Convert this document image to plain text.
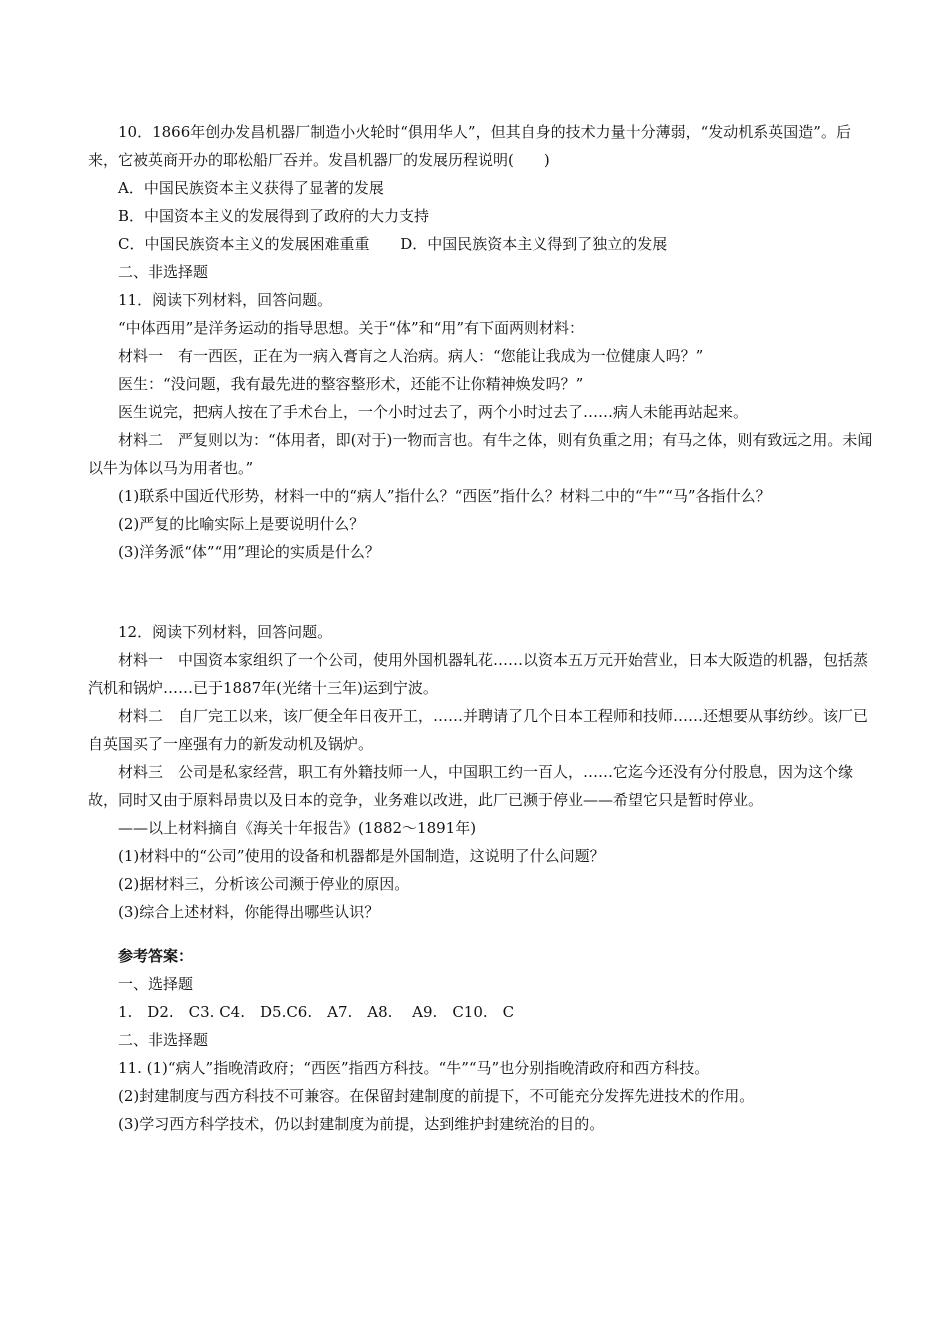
10．1866年创办发昌机器厂制造小火轮时“俱用华人”，但其自身的技术力量十分薄弱，“发动机系英国造”。后来，它被英商开办的耶松船厂吞并。发昌机器厂的发展历程说明(　　)
A．中国民族资本主义获得了显著的发展
B．中国资本主义的发展得到了政府的大力支持
C．中国民族资本主义的发展困难重重 D．中国民族资本主义得到了独立的发展
二、非选择题
11．阅读下列材料，回答问题。
“中体西用”是洋务运动的指导思想。关于“体”和“用”有下面两则材料：
材料一　有一西医，正在为一病入膏肓之人治病。病人：“您能让我成为一位健康人吗？”
医生：“没问题，我有最先进的整容整形术，还能不让你精神焕发吗？”
医生说完，把病人按在了手术台上，一个小时过去了，两个小时过去了……病人未能再站起来。
材料二　严复则以为：“体用者，即(对于)一物而言也。有牛之体，则有负重之用；有马之体，则有致远之用。未闻以牛为体以马为用者也。”
(1)联系中国近代形势，材料一中的“病人”指什么？“西医”指什么？材料二中的“牛”“马”各指什么？
(2)严复的比喻实际上是要说明什么？
(3)洋务派“体”“用”理论的实质是什么？
12．阅读下列材料，回答问题。
材料一　中国资本家组织了一个公司，使用外国机器轧花……以资本五万元开始营业，日本大阪造的机器，包括蒸汽机和锅炉……已于1887年(光绪十三年)运到宁波。
材料二　自厂完工以来，该厂便全年日夜开工，……并聘请了几个日本工程师和技师……还想要从事纺纱。该厂已自英国买了一座强有力的新发动机及锅炉。
材料三　公司是私家经营，职工有外籍技师一人，中国职工约一百人，……它迄今还没有分付股息，因为这个缘故，同时又由于原料昂贵以及日本的竞争，业务难以改进，此厂已濒于停业——希望它只是暂时停业。
——以上材料摘自《海关十年报告》(1882～1891年)
(1)材料中的“公司”使用的设备和机器都是外国制造，这说明了什么问题？
(2)据材料三，分析该公司濒于停业的原因。
(3)综合上述材料，你能得出哪些认识？
参考答案：
一、选择题
1.　D2.　C3. C4.　D5.C6.　A7.　A8.　 A9.　C10.　C
二、非选择题
11. (1)“病人”指晚清政府；“西医”指西方科技。“牛”“马”也分别指晚清政府和西方科技。
(2)封建制度与西方科技不可兼容。在保留封建制度的前提下，不可能充分发挥先进技术的作用。
(3)学习西方科学技术，仍以封建制度为前提，达到维护封建统治的目的。
